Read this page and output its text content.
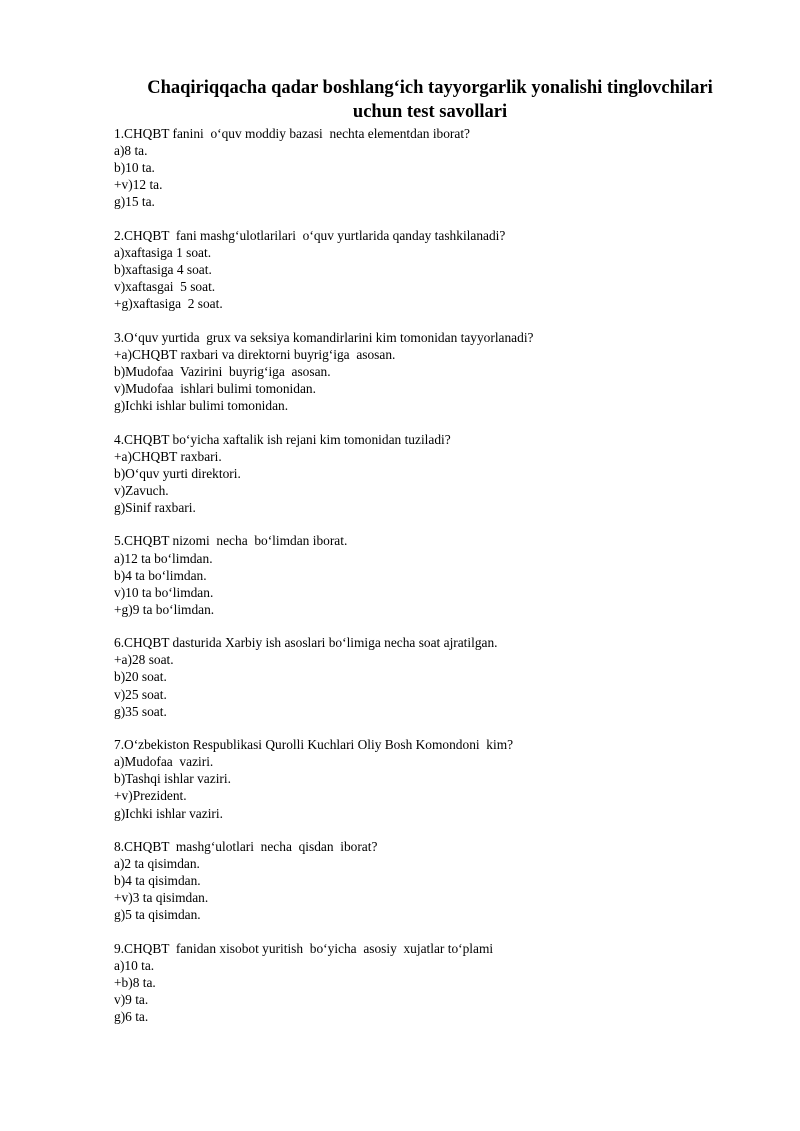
Chaqiriqqacha qadar boshlang‘ich tayyorgarlik yonalishi tinglovchilari
uchun test savollari
1.CHQBT fanini  o‘quv moddiy bazasi  nechta elementdan iborat?
a)8 ta.
b)10 ta.
+v)12 ta.
g)15 ta.
2.CHQBT  fani mashg‘ulotlarilari  o‘quv yurtlarida qanday tashkilanadi?
a)xaftasiga 1 soat.
b)xaftasiga 4 soat.
v)xaftasgai  5 soat.
+g)xaftasiga  2 soat.
3.O‘quv yurtida  grux va seksiya komandirlarini kim tomonidan tayyorlanadi?
+a)CHQBT raxbari va direktorni buyrig‘iga  asosan.
b)Mudofaa  Vazirini  buyrig‘iga  asosan.
v)Mudofaa  ishlari bulimi tomonidan.
g)Ichki ishlar bulimi tomonidan.
4.CHQBT bo‘yicha xaftalik ish rejani kim tomonidan tuziladi?
+a)CHQBT raxbari.
b)O‘quv yurti direktori.
v)Zavuch.
g)Sinif raxbari.
5.CHQBT nizomi  necha  bo‘limdan iborat.
a)12 ta bo‘limdan.
b)4 ta bo‘limdan.
v)10 ta bo‘limdan.
+g)9 ta bo‘limdan.
6.CHQBT dasturida Xarbiy ish asoslari bo‘limiga necha soat ajratilgan.
+a)28 soat.
b)20 soat.
v)25 soat.
g)35 soat.
7.O‘zbekiston Respublikasi Qurolli Kuchlari Oliy Bosh Komondoni  kim?
a)Mudofaa  vaziri.
b)Tashqi ishlar vaziri.
+v)Prezident.
g)Ichki ishlar vaziri.
8.CHQBT  mashg‘ulotlari  necha  qisdan  iborat?
a)2 ta qisimdan.
b)4 ta qisimdan.
+v)3 ta qisimdan.
g)5 ta qisimdan.
9.CHQBT  fanidan xisobot yuritish  bo‘yicha  asosiy  xujatlar to‘plami
a)10 ta.
+b)8 ta.
v)9 ta.
g)6 ta.
